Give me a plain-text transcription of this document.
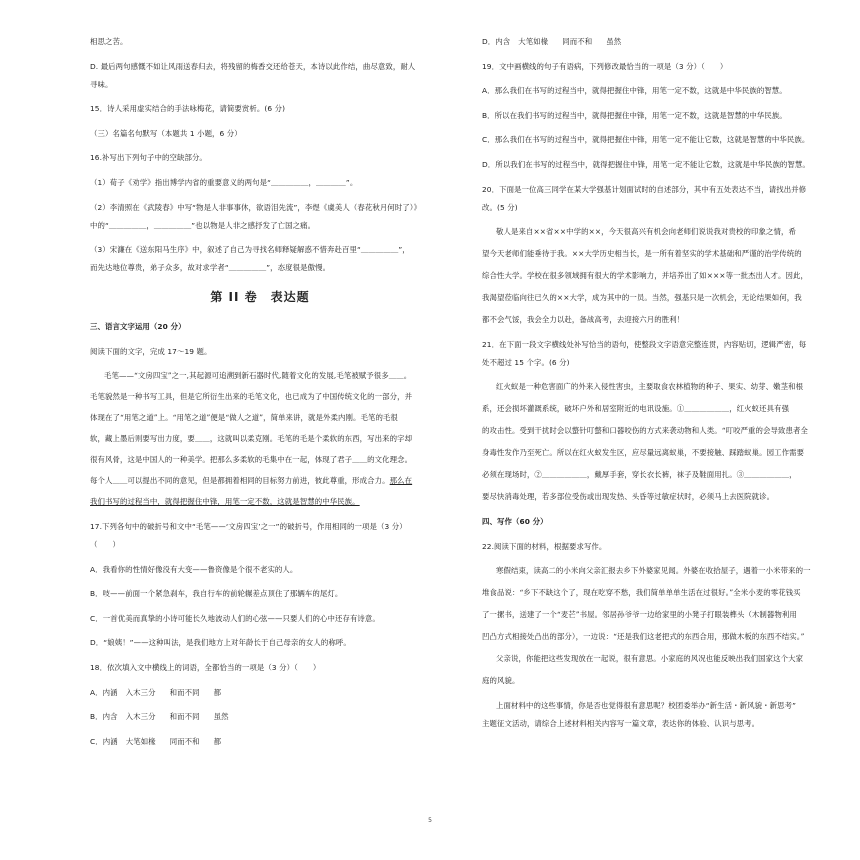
相思之苦。

D. 最后两句感慨不如让风雨送春归去，将残留的梅香交还给苍天，本诗以此作结，曲尽意致，耐人

寻味。

15．诗人采用虚实结合的手法咏梅花，请简要赏析。(6 分)

（三）名篇名句默写（本题共 1 小题，6 分）

16.补写出下列句子中的空缺部分。

（1）荀子《劝学》指出博学内省的重要意义的两句是“＿＿＿＿＿，＿＿＿＿”。

（2）李清照在《武陵春》中写“物是人非事事休，欲语泪先流”，李煜《虞美人（春花秋月何时了）》

中的“＿＿＿＿＿，＿＿＿＿＿”也以物是人非之感抒发了亡国之痛。

（3）宋濂在《送东阳马生序》中，叙述了自己为寻找名师释疑解惑不惜奔赴百里“＿＿＿＿＿”，

而先达地位尊贵，弟子众多，故对求学者“＿＿＿＿＿”，态度很是傲慢。

第 II 卷　表达题

三、语言文字运用（20 分）

阅读下面的文字，完成 17～19 题。

毛笔——“文房四宝”之一,其起源可追溯到新石器时代,随着文化的发展,毛笔被赋予很多＿＿。

毛笔貌然是一种书写工具，但是它所衍生出来的毛笔文化，也已成为了中国传统文化的一部分，并

体现在了“用笔之道”上。“用笔之道”便是“做人之道”，简单来讲，就是外柔内刚。毛笔的毛很

软，藏上墨后则要写出力度，要＿＿，这就叫以柔克刚。毛笔的毛是个柔软的东西，写出来的字却

很有风骨，这是中国人的一种美学。把那么多柔软的毛集中在一起，体现了君子＿＿的文化理念。

每个人＿＿可以提出不同的意见，但是都拥着相同的目标努力前进，彼此尊重，形成合力。那么在

我们书写的过程当中，就得把握住中锋，用笔一定不数，这就是智慧的中华民族。

17.下列各句中的破折号和文中“毛笔——‘文房四宝’之一”的破折号，作用相同的一项是（3 分）

（　　）

A．我看你的性情好像没有大变——鲁资像是个很不老实的人。

B．吱——前面一个紧急刹车，我自行车的前轮辗差点顶住了那辆车的尾灯。

C．一首优美而真挚的小诗可能长久地波动人们的心弦——只要人们的心中还存有诗意。

D．“娘姨！”——这种叫法，是我们地方上对年龄长于自己母亲的女人的称呼。

18．依次填入文中横线上的词语，全都恰当的一项是（3 分）（　　）

A．内涵 入木三分 和而不同 都

B．内含 入木三分 和而不同 虽然

C．内涵 大笔如椽 同而不和 都

D．内含 大笔如椽 同而不和 虽然

19．文中画横线的句子有语病，下列修改最恰当的一项是（3 分）（　　）

A．那么我们在书写的过程当中，就得把握住中锋，用笔一定不数，这就是中华民族的智慧。

B．所以在我们书写的过程当中，就得把握住中锋，用笔一定不数，这就是智慧的中华民族。

C．那么我们在书写的过程当中，就得把握住中锋，用笔一定不能让它数，这就是智慧的中华民族。

D．所以我们在书写的过程当中，就得把握住中锋，用笔一定不能让它数，这就是中华民族的智慧。

20．下面是一位高三同学在某大学强基计划面试时的自述部分，其中有五处表达不当，请找出并修

改。(5 分)

敬人是来自××省××中学的××，今天很高兴有机会向老师们说说我对贵校的印象之情，希

望今天老师们能垂待于我。××大学历史相当长，是一所有着坚实的学术基础和严谨的治学传统的

综合性大学。学校在很多领域拥有很大的学术影响力，并培养出了如×××等一批杰出人才。因此，

我渴望莅临向往已久的××大学，成为其中的一员。当然，强基只是一次机会，无论结果如何，我

都不会气馁，我会全力以赴，备战高考，去迎接六月的胜利！

21．在下面一段文字横线处补写恰当的语句，使整段文字语意完整连贯，内容贴切，逻辑严密，每

处不超过 15 个字。(6 分)

红火蚁是一种危害面广的外来入侵性害虫，主要取食农林植物的种子、果实、幼芽、嫩茎和根

系，还会损坏灌溉系统，破坏户外和居室附近的电讯设施。①＿＿＿＿＿＿，红火蚁还具有强

的攻击性。受到干扰时会以螫针叮螫和口器咬伤的方式来袭动物和人类。“叮咬严重的会导致患者全

身毒性发作乃至死亡。所以在红火蚁发生区，应尽量远离蚁巢，不要接触、踩踏蚁巢。园工作需要

必须在现场时，②＿＿＿＿＿＿，戴厚手套，穿长衣长裤，袜子及鞋面用扎。③＿＿＿＿＿＿，

要尽快消毒处理，若多部位受伤或出现发热、头昏等过敏症状时，必须马上去医院就诊。

四、写作（60 分）

22.阅读下面的材料，根据要求写作。

寒假结束，读高二的小米向父亲汇报去乡下外婆家见闻。外婆在收拾屋子，遇着一小米带来的一

堆食品说：“乡下不缺这个了，现在吃穿不愁，我们简单单单生活在过很好。”全米小麦的零花钱买

了一摞书，送建了一个“麦芒”书屋。邻居孙爷爷一边给家里的小凳子打眼装榫头（木制器物利用

凹凸方式相接处凸出的部分），一边说：“还是我们这老把式的东西合用，那做木板的东西不结实。”

父亲说，你能把这些发现放在一起说，很有意思。小家庭的风况也能反映出我们国家这个大家

庭的风貌。

上面材料中的这些事情，你是否也觉得很有意思呢？校团委举办“新生活・新风貌・新思考”

主题征文活动，请综合上述材料相关内容写一篇文章，表达你的体验、认识与思考。

5
